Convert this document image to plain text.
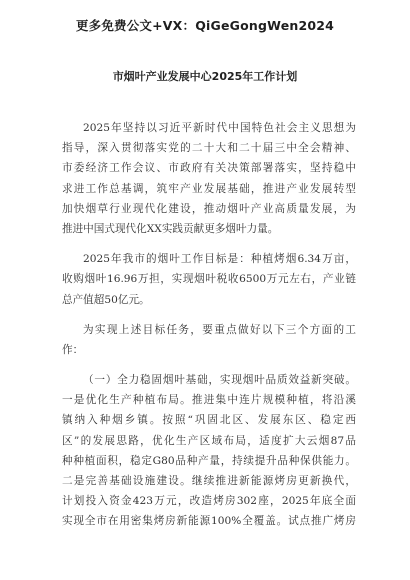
更多免费公文+VX：QiGeGongWen2024
市烟叶产业发展中心2025年工作计划
2025年坚持以习近平新时代中国特色社会主义思想为
指导，深入贯彻落实党的二十大和二十届三中全会精神、
市委经济工作会议、市政府有关决策部署落实，坚持稳中
求进工作总基调，筑牢产业发展基础，推进产业发展转型
加快烟草行业现代化建设，推动烟叶产业高质量发展，为
推进中国式现代化XX实践贡献更多烟叶力量。
2025年我市的烟叶工作目标是：种植烤烟6.34万亩，
收购烟叶16.96万担，实现烟叶税收6500万元左右，产业链
总产值超50亿元。
为实现上述目标任务，要重点做好以下三个方面的工
作：
（一）全力稳固烟叶基础，实现烟叶品质效益新突破。
一是优化生产种植布局。推进集中连片规模种植，将沿溪
镇纳入种烟乡镇。按照“巩固北区、发展东区、稳定西
区”的发展思路，优化生产区域布局，适度扩大云烟87品
种种植面积，稳定G80品种产量，持续提升品种保供能力。
二是完善基础设施建设。继续推进新能源烤房更新换代，
计划投入资金423万元，改造烤房302座，2025年底全面
实现全市在用密集烤房新能源100%全覆盖。试点推广烤房
